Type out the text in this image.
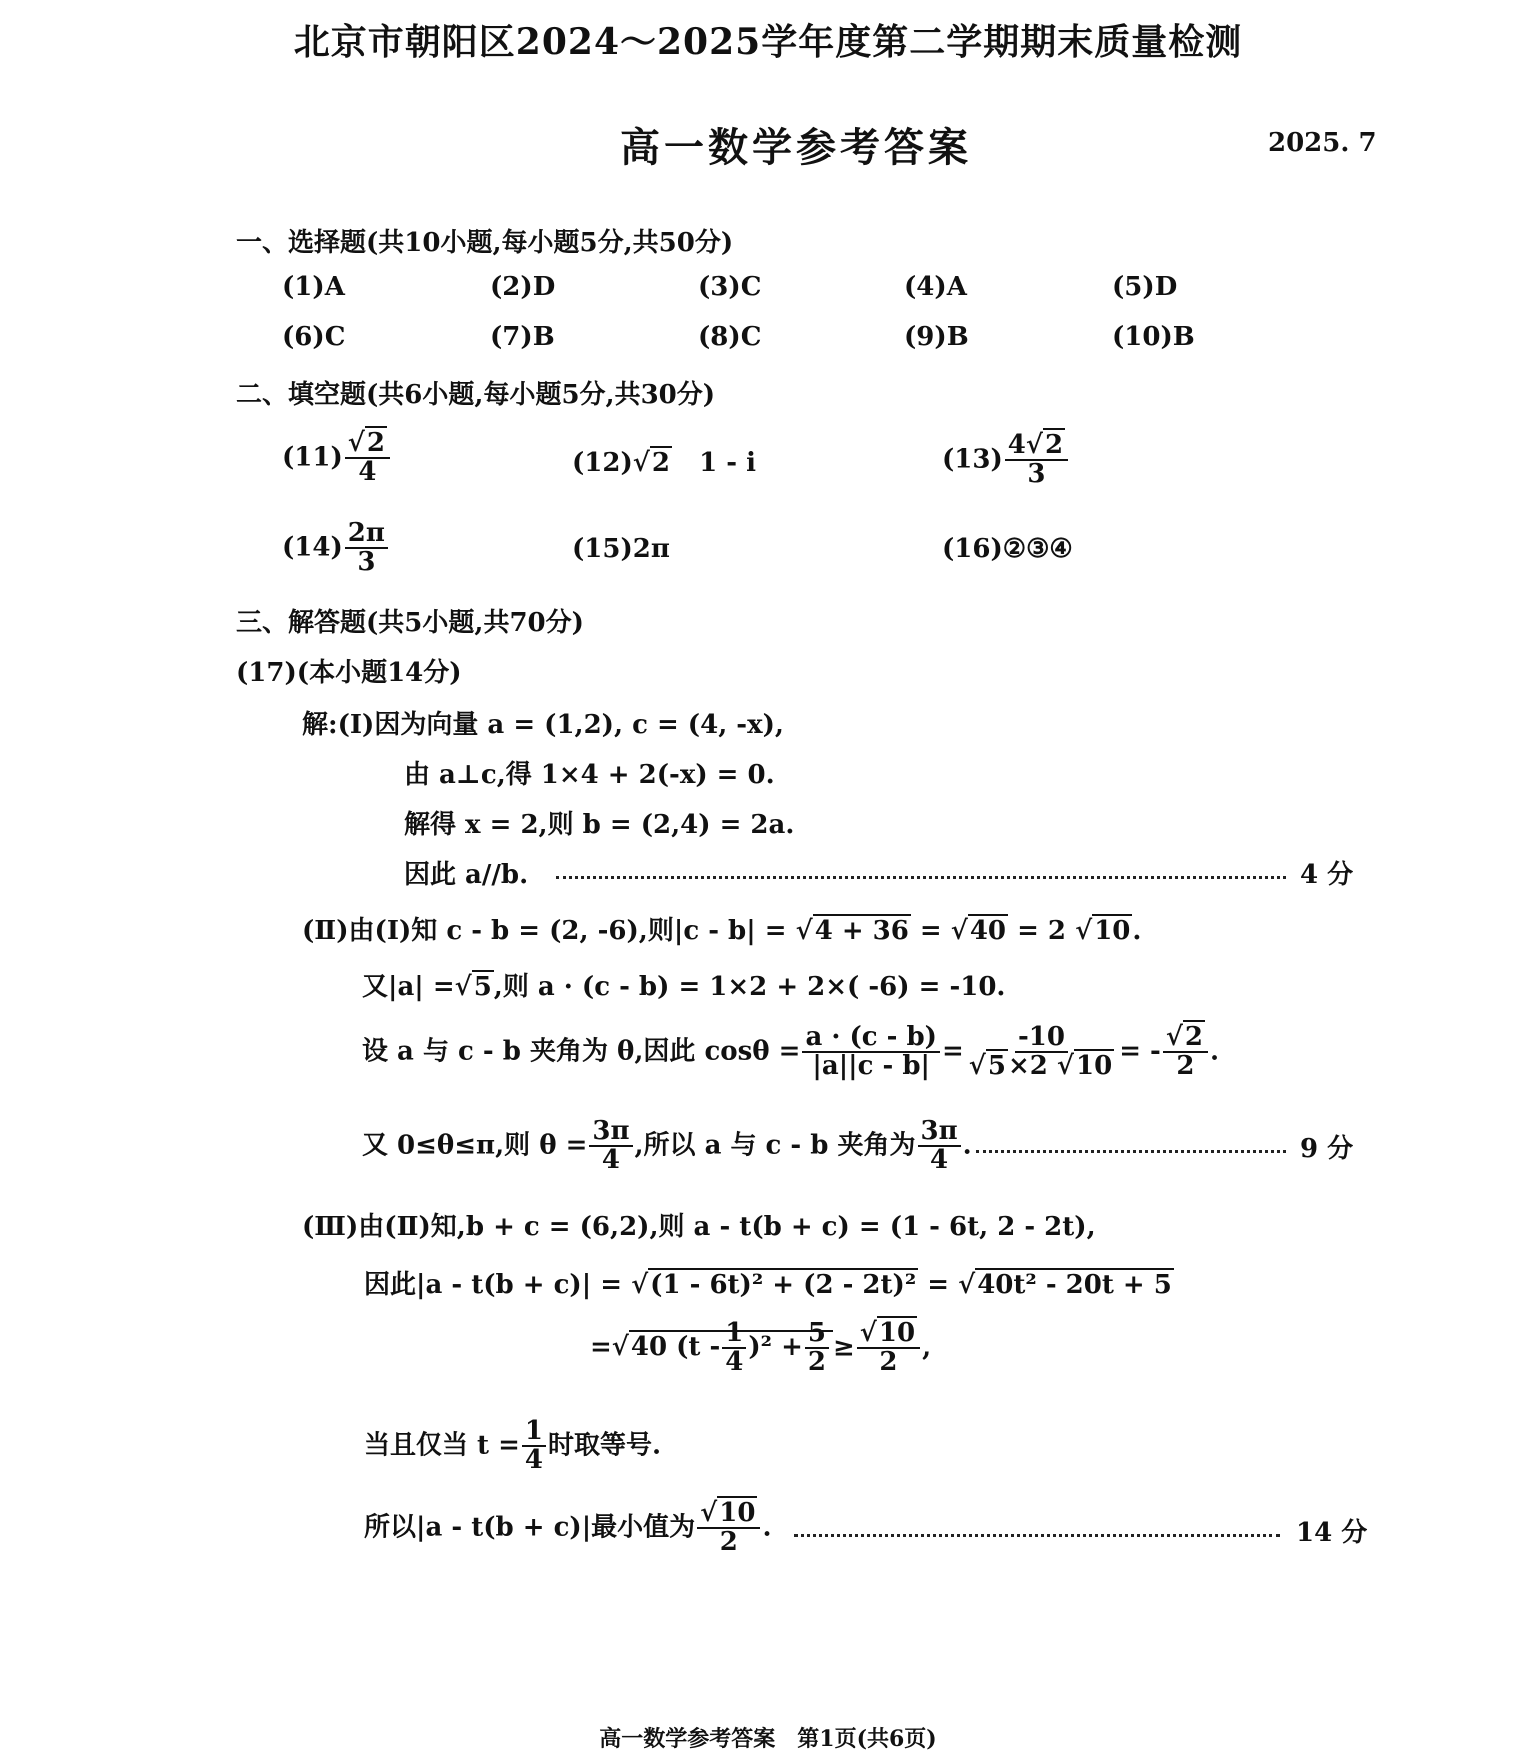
北京市朝阳区2024～2025学年度第二学期期末质量检测
高一数学参考答案	2025. 7
一、选择题(共10小题,每小题5分,共50分)
(1)A	(2)D	(3)C	(4)A	(5)D
(6)C	(7)B	(8)C	(9)B	(10)B
二、填空题(共6小题,每小题5分,共30分)
(11) √ $\frac{2}{4}$	(12) √ 2 1 - i	$(13) \frac{4 √ 2}{3}$
$(14) \frac{2\pi}{3}$	(15)2π	(16)②③④
三、解答题(共5小题,共70分)
(17)(本小题14分)
解:(Ⅰ)因为向量 a = (1,2), c = (4, -x),
由 a⊥c,得 1×4 + 2(-x) = 0.
解得 x = 2,则 b = (2,4) = 2a.
因此 a//b.	4 分
(Ⅱ)由(Ⅰ)知 c - b = (2, -6),则|c - b| = √ 4 + 36 = √ 40 = 2 √ 10.
又|a| = √ 5,则 a · (c - b) = 1×2 + 2×( -6) = -10.
设 a 与 c - b 夹角为 θ,因此 $\cos\theta = \frac{a \cdot (c - b)}{|a||c - b|} = -10$
√ 5×2 √ 10 = - √ $\frac{2}{2}$ .
又 0≤θ≤π,则 $\theta = \frac{3\pi}{4}$ ,所以 a 与 c - b 夹角为 $\frac{3\pi}{4}$ .	9 分
(Ⅲ)由(Ⅱ)知,b + c = (6,2),则 a - t(b + c) = (1 - 6t, 2 - 2t),
因此|a - t(b + c)| = √ (1 - 6t)² + (2 - 2t)² = √ 40t² - 20t + 5
= √ 40 $(t - \frac{1}{4} )^2 + \frac{5}{2}$ ≥ √ $\frac{10}{2}$ ,
当且仅当 $t = \frac{1}{4}$ 时取等号.
所以|a - t(b + c)|最小值为 √ $\frac{10}{2}$ .	14 分
高一数学参考答案　第1页(共6页)
